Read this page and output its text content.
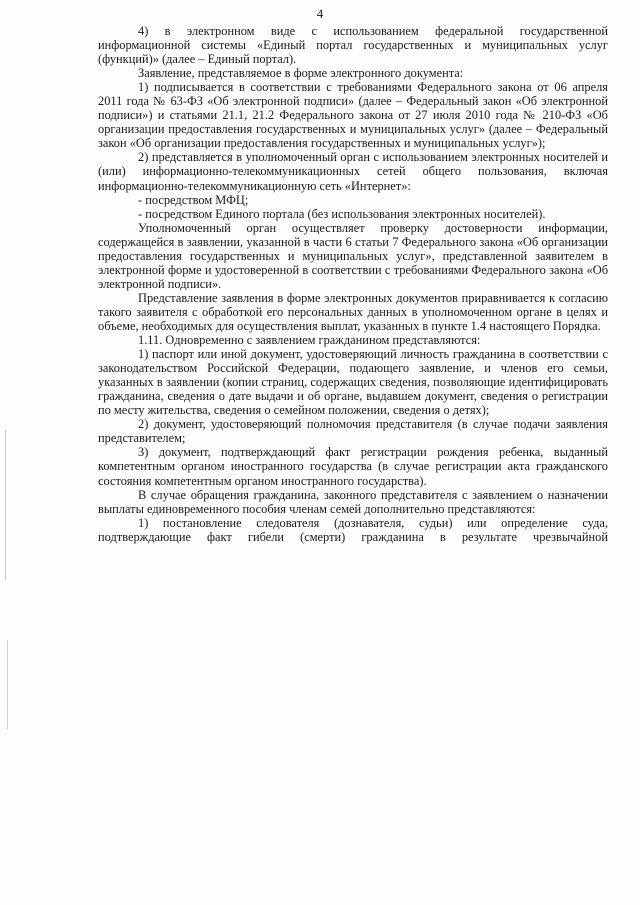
4

4) в электронном виде с использованием федеральной государственной информационной системы «Единый портал государственных и муниципальных услуг (функций)» (далее – Единый портал).

Заявление, представляемое в форме электронного документа:

1) подписывается в соответствии с требованиями Федерального закона от 06 апреля 2011 года № 63-ФЗ «Об электронной подписи» (далее – Федеральный закон «Об электронной подписи») и статьями 21.1, 21.2 Федерального закона от 27 июля 2010 года № 210-ФЗ «Об организации предоставления государственных и муниципальных услуг» (далее – Федеральный закон «Об организации предоставления государственных и муниципальных услуг»);

2) представляется в уполномоченный орган с использованием электронных носителей и (или) информационно-телекоммуникационных сетей общего пользования, включая информационно-телекоммуникационную сеть «Интернет»:

- посредством МФЦ;

- посредством Единого портала (без использования электронных носителей).

Уполномоченный орган осуществляет проверку достоверности информации, содержащейся в заявлении, указанной в части 6 статьи 7 Федерального закона «Об организации предоставления государственных и муниципальных услуг», представленной заявителем в электронной форме и удостоверенной в соответствии с требованиями Федерального закона «Об электронной подписи».

Представление заявления в форме электронных документов приравнивается к согласию такого заявителя с обработкой его персональных данных в уполномоченном органе в целях и объеме, необходимых для осуществления выплат, указанных в пункте 1.4 настоящего Порядка.

1.11. Одновременно с заявлением гражданином представляются:

1) паспорт или иной документ, удостоверяющий личность гражданина в соответствии с законодательством Российской Федерации, подающего заявление, и членов его семьи, указанных в заявлении (копии страниц, содержащих сведения, позволяющие идентифицировать гражданина, сведения о дате выдачи и об органе, выдавшем документ, сведения о регистрации по месту жительства, сведения о семейном положении, сведения о детях);

2) документ, удостоверяющий полномочия представителя (в случае подачи заявления представителем;

3) документ, подтверждающий факт регистрации рождения ребенка, выданный компетентным органом иностранного государства (в случае регистрации акта гражданского состояния компетентным органом иностранного государства).

В случае обращения гражданина, законного представителя с заявлением о назначении выплаты единовременного пособия членам семей дополнительно представляются:

1) постановление следователя (дознавателя, судьи) или определение суда, подтверждающие факт гибели (смерти) гражданина в результате чрезвычайной
